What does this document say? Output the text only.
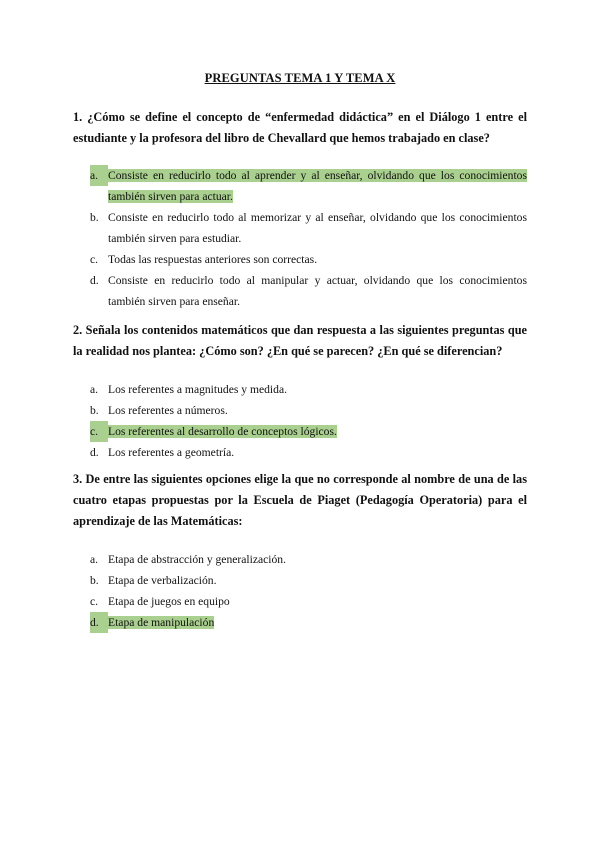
PREGUNTAS TEMA 1 Y TEMA X
1. ¿Cómo se define el concepto de “enfermedad didáctica” en el Diálogo 1 entre el estudiante y la profesora del libro de Chevallard que hemos trabajado en clase?
a. Consiste en reducirlo todo al aprender y al enseñar, olvidando que los conocimientos también sirven para actuar.
b. Consiste en reducirlo todo al memorizar y al enseñar, olvidando que los conocimientos también sirven para estudiar.
c. Todas las respuestas anteriores son correctas.
d. Consiste en reducirlo todo al manipular y actuar, olvidando que los conocimientos también sirven para enseñar.
2. Señala los contenidos matemáticos que dan respuesta a las siguientes preguntas que la realidad nos plantea: ¿Cómo son? ¿En qué se parecen? ¿En qué se diferencian?
a. Los referentes a magnitudes y medida.
b. Los referentes a números.
c. Los referentes al desarrollo de conceptos lógicos.
d. Los referentes a geometría.
3. De entre las siguientes opciones elige la que no corresponde al nombre de una de las cuatro etapas propuestas por la Escuela de Piaget (Pedagogía Operatoria) para el aprendizaje de las Matemáticas:
a. Etapa de abstracción y generalización.
b. Etapa de verbalización.
c. Etapa de juegos en equipo
d. Etapa de manipulación
